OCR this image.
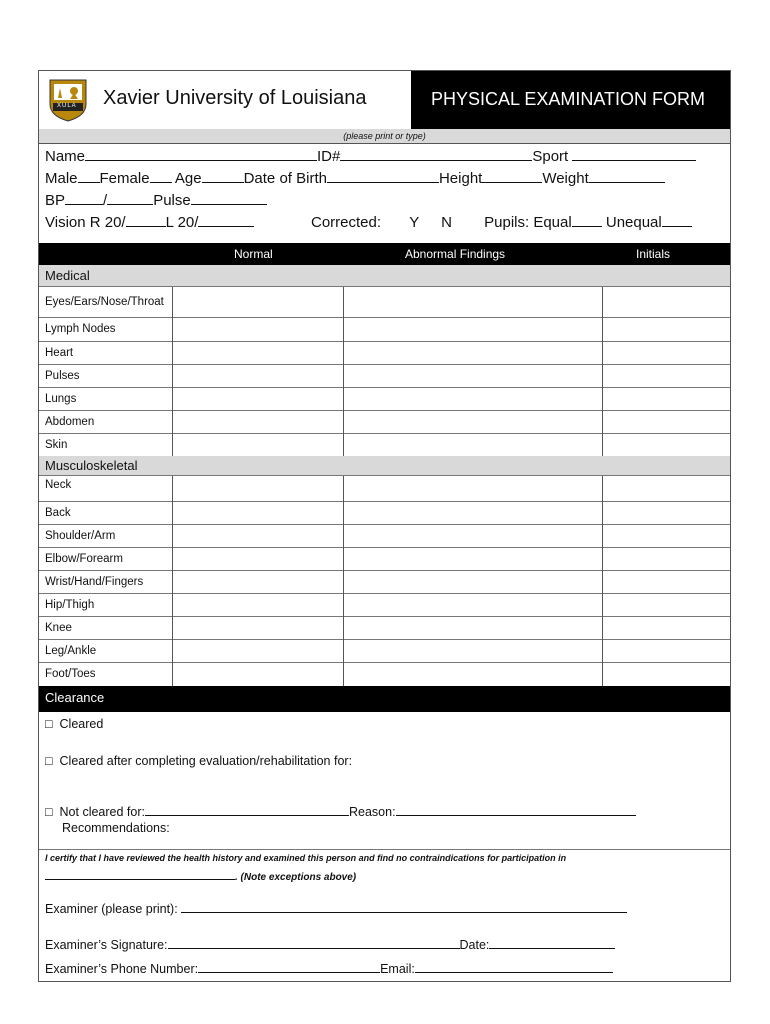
XULA Xavier University of Louisiana	PHYSICAL EXAMINATION FORM
(please print or type)
Name	ID#	Sport
Male Female Age	Date of Birth	Height	Weight
BP	/	Pulse
Vision R 20/	L 20/	Corrected: Y N Pupils: Equal Unequal
Normal	Abnormal Findings	Initials
Medical
Eyes/Ears/Nose/Throat
Lymph Nodes
Heart
Pulses
Lungs
Abdomen
Skin
Musculoskeletal
Neck
Back
Shoulder/Arm
Elbow/Forearm
Wrist/Hand/Fingers
Hip/Thigh
Knee
Leg/Ankle
Foot/Toes
Clearance
□ Cleared
□ Cleared after completing evaluation/rehabilitation for:
□ Not cleared for:	Reason:
Recommendations:
I certify that I have reviewed the health history and examined this person and find no contraindications for participation in
. (Note exceptions above)
Examiner (please print):
Examiner’s Signature:	Date:
Examiner’s Phone Number:	Email:
